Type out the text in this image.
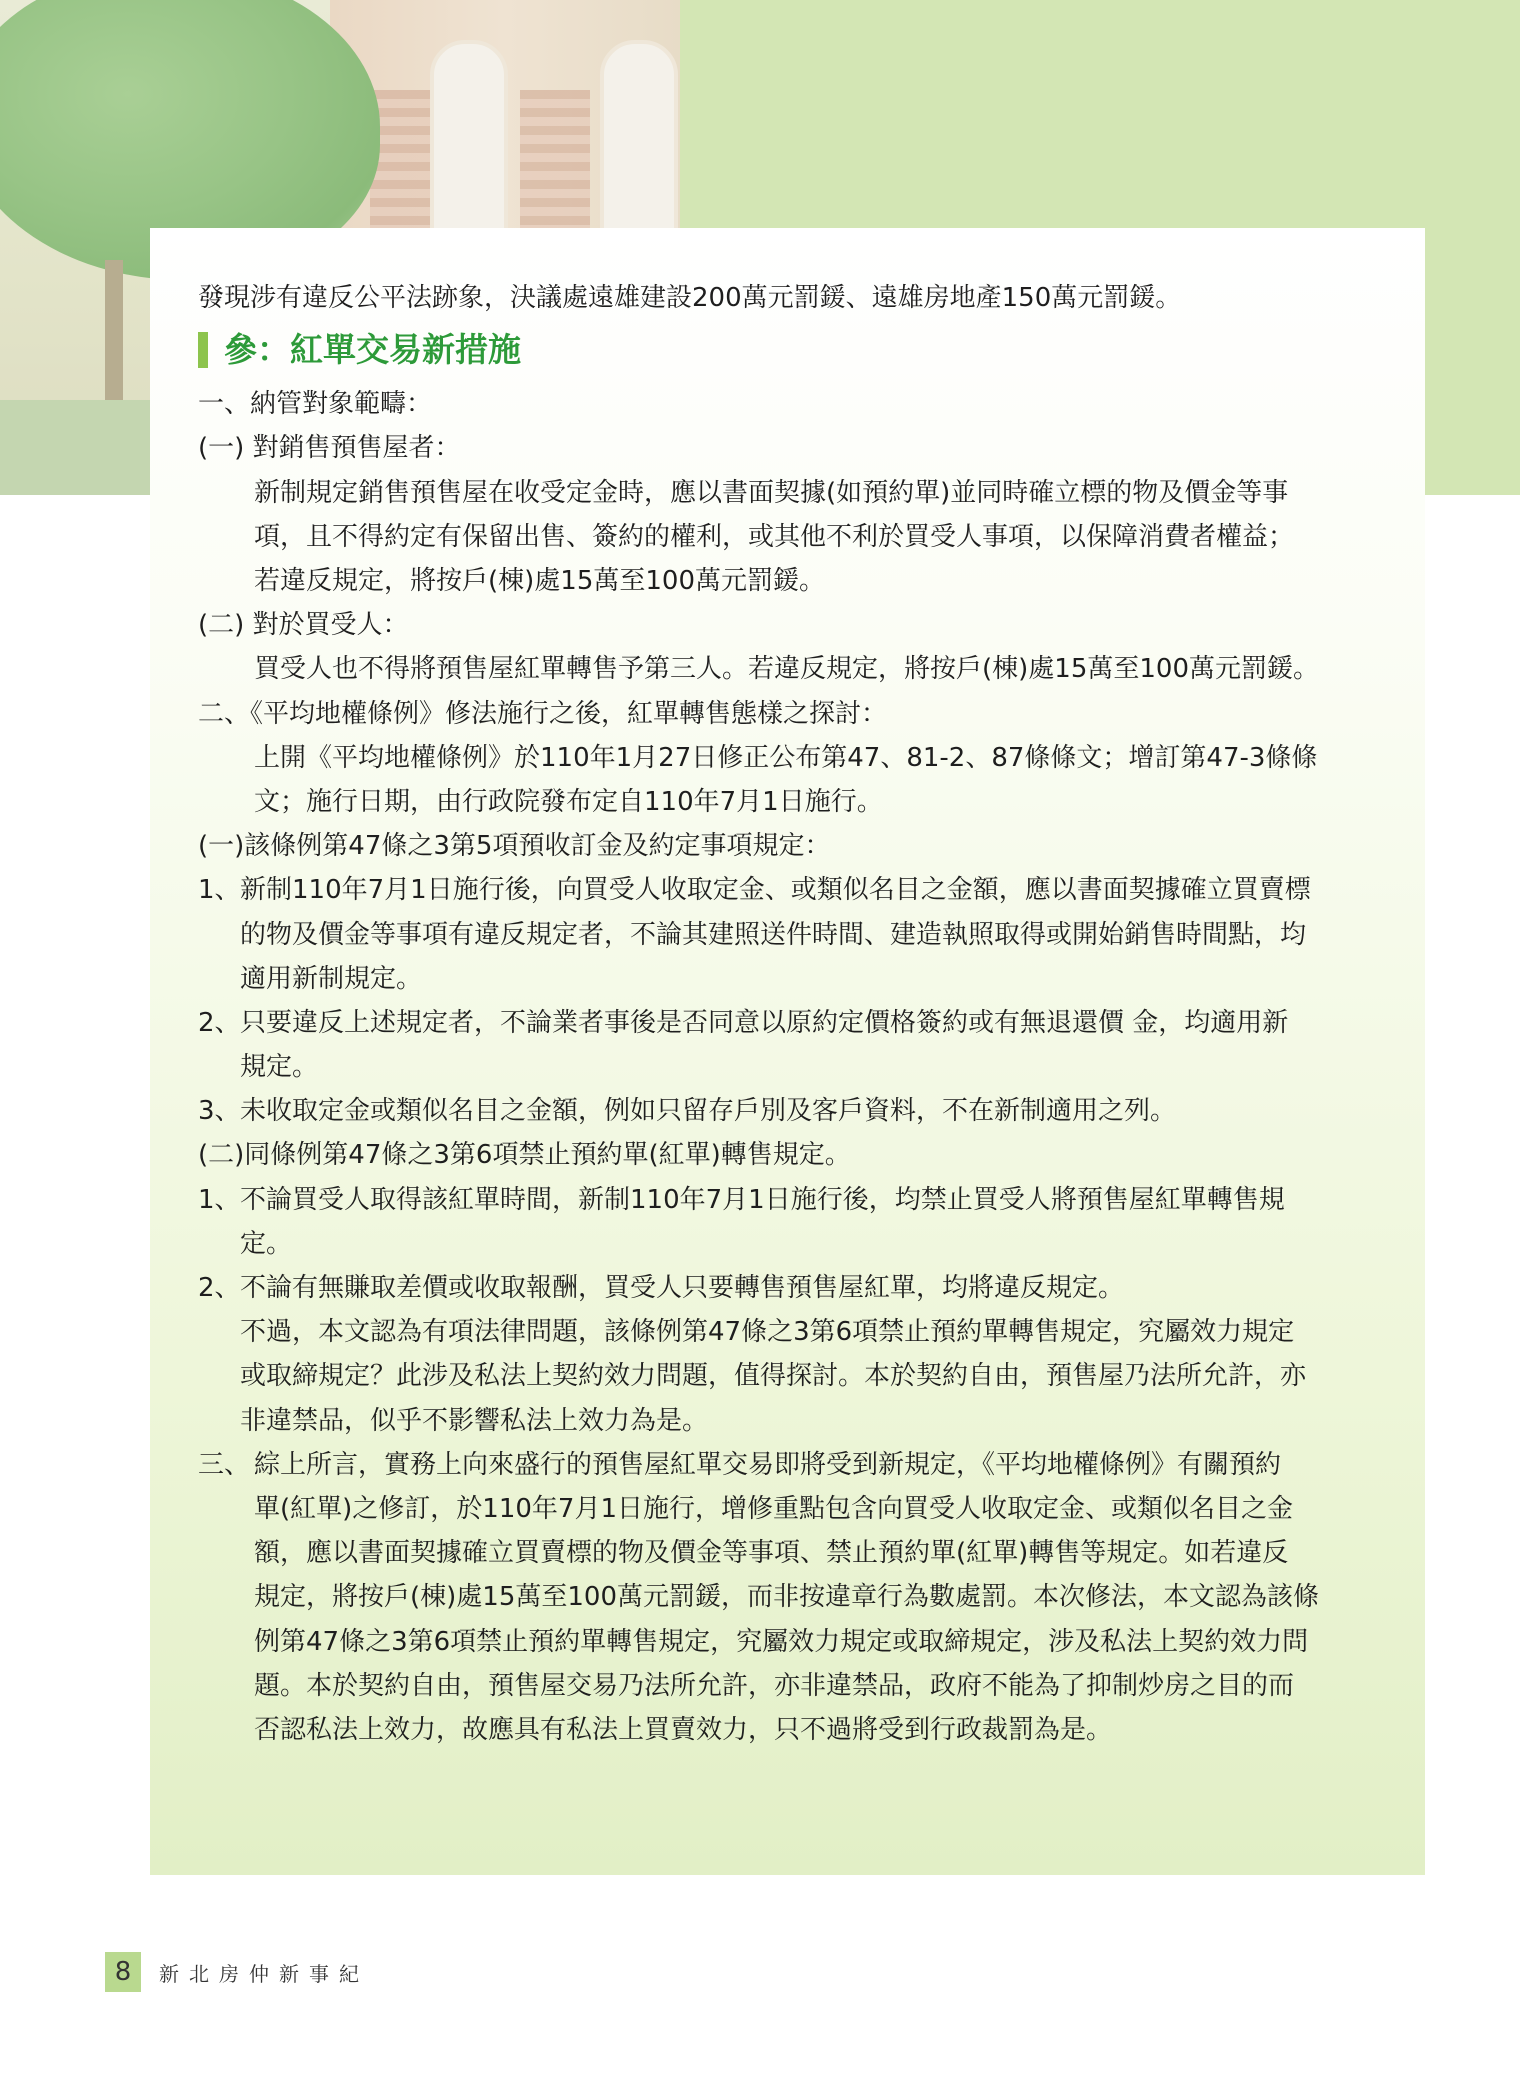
發現涉有違反公平法跡象，決議處遠雄建設200萬元罰鍰、遠雄房地產150萬元罰鍰。
參：紅單交易新措施
一、納管對象範疇：
(一) 對銷售預售屋者：
新制規定銷售預售屋在收受定金時，應以書面契據(如預約單)並同時確立標的物及價金等事
項，且不得約定有保留出售、簽約的權利，或其他不利於買受人事項，以保障消費者權益；
若違反規定，將按戶(棟)處15萬至100萬元罰鍰。
(二) 對於買受人：
買受人也不得將預售屋紅單轉售予第三人。若違反規定，將按戶(棟)處15萬至100萬元罰鍰。
二、《平均地權條例》修法施行之後，紅單轉售態樣之探討：
上開《平均地權條例》於110年1月27日修正公布第47、81-2、87條條文；增訂第47-3條條
文；施行日期，由行政院發布定自110年7月1日施行。
(一)該條例第47條之3第5項預收訂金及約定事項規定：
1、新制110年7月1日施行後，向買受人收取定金、或類似名目之金額，應以書面契據確立買賣標
的物及價金等事項有違反規定者，不論其建照送件時間、建造執照取得或開始銷售時間點，均
適用新制規定。
2、只要違反上述規定者，不論業者事後是否同意以原約定價格簽約或有無退還價 金，均適用新
規定。
3、未收取定金或類似名目之金額，例如只留存戶別及客戶資料，不在新制適用之列。
(二)同條例第47條之3第6項禁止預約單(紅單)轉售規定。
1、不論買受人取得該紅單時間，新制110年7月1日施行後，均禁止買受人將預售屋紅單轉售規
定。
2、不論有無賺取差價或收取報酬，買受人只要轉售預售屋紅單，均將違反規定。
不過，本文認為有項法律問題，該條例第47條之3第6項禁止預約單轉售規定，究屬效力規定
或取締規定？此涉及私法上契約效力問題，值得探討。本於契約自由，預售屋乃法所允許，亦
非違禁品，似乎不影響私法上效力為是。
三、 綜上所言，實務上向來盛行的預售屋紅單交易即將受到新規定，《平均地權條例》有關預約
單(紅單)之修訂，於110年7月1日施行，增修重點包含向買受人收取定金、或類似名目之金
額，應以書面契據確立買賣標的物及價金等事項、禁止預約單(紅單)轉售等規定。如若違反
規定，將按戶(棟)處15萬至100萬元罰鍰，而非按違章行為數處罰。本次修法，本文認為該條
例第47條之3第6項禁止預約單轉售規定，究屬效力規定或取締規定，涉及私法上契約效力問
題。本於契約自由，預售屋交易乃法所允許，亦非違禁品，政府不能為了抑制炒房之目的而
否認私法上效力，故應具有私法上買賣效力，只不過將受到行政裁罰為是。
8	新北房仲新事紀
